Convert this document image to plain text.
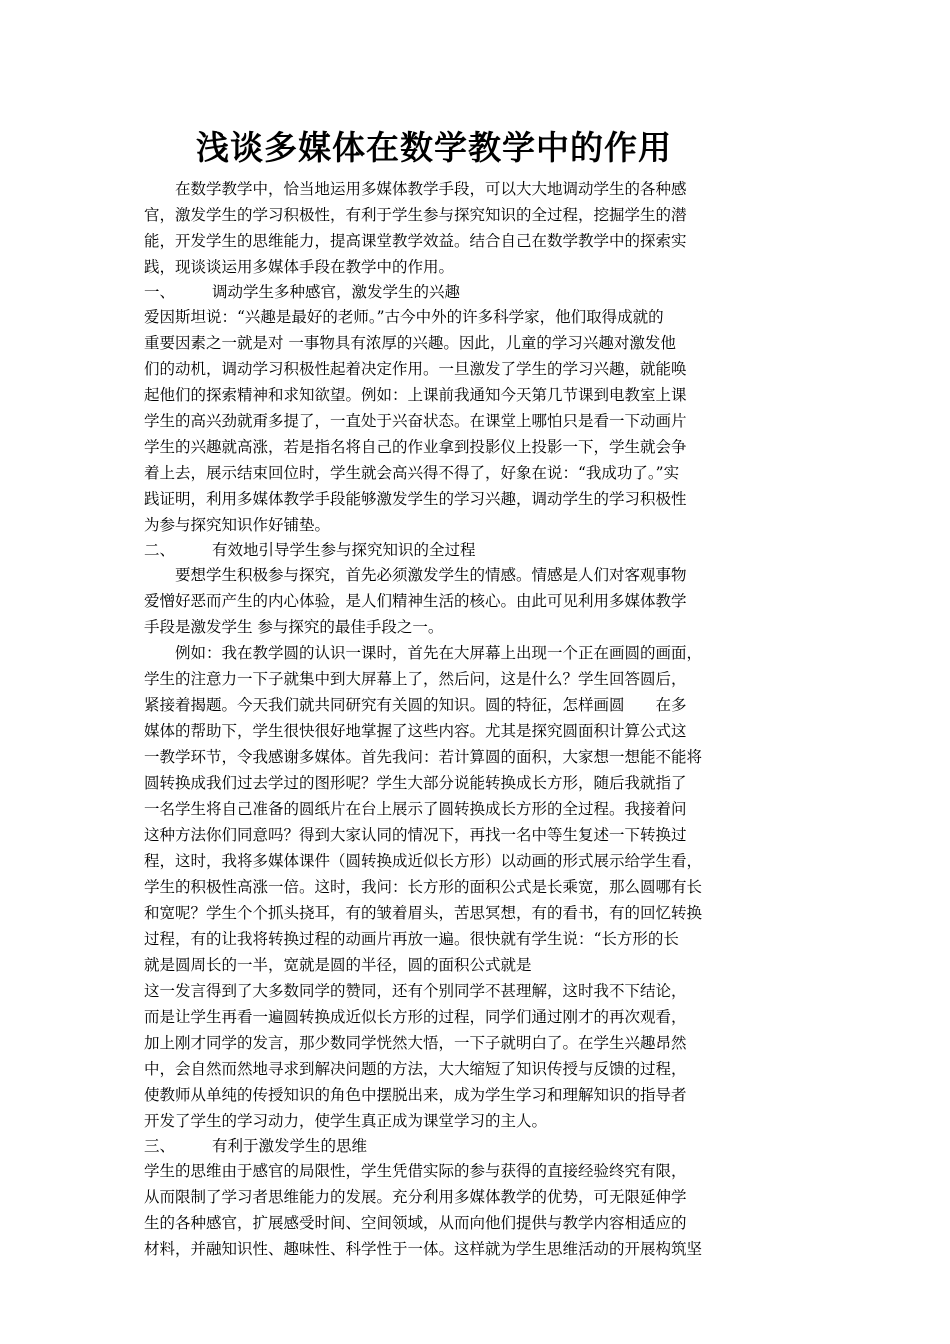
浅谈多媒体在数学教学中的作用
　　在数学教学中，恰当地运用多媒体教学手段，可以大大地调动学生的各种感
官，激发学生的学习积极性，有利于学生参与探究知识的全过程，挖掘学生的潜
能，开发学生的思维能力，提高课堂教学效益。结合自己在数学教学中的探索实
践，现谈谈运用多媒体手段在教学中的作用。
一、 调动学生多种感官，激发学生的兴趣
爱因斯坦说：“兴趣是最好的老师。”古今中外的许多科学家，他们取得成就的
重要因素之一就是对 一事物具有浓厚的兴趣。因此，儿童的学习兴趣对激发他
们的动机，调动学习积极性起着决定作用。一旦激发了学生的学习兴趣，就能唤
起他们的探索精神和求知欲望。例如：上课前我通知今天第几节课到电教室上课
学生的高兴劲就甭多提了，一直处于兴奋状态。在课堂上哪怕只是看一下动画片
学生的兴趣就高涨，若是指名将自己的作业拿到投影仪上投影一下，学生就会争
着上去，展示结束回位时，学生就会高兴得不得了，好象在说：“我成功了。”实
践证明，利用多媒体教学手段能够激发学生的学习兴趣，调动学生的学习积极性
为参与探究知识作好铺垫。
二、 有效地引导学生参与探究知识的全过程
　　要想学生积极参与探究，首先必须激发学生的情感。情感是人们对客观事物
爱憎好恶而产生的内心体验，是人们精神生活的核心。由此可见利用多媒体教学
手段是激发学生 参与探究的最佳手段之一。
　　例如：我在教学圆的认识一课时，首先在大屏幕上出现一个正在画圆的画面，
学生的注意力一下子就集中到大屏幕上了，然后问，这是什么？学生回答圆后，
紧接着揭题。今天我们就共同研究有关圆的知识。圆的特征，怎样画圆　　在多
媒体的帮助下，学生很快很好地掌握了这些内容。尤其是探究圆面积计算公式这
一教学环节，令我感谢多媒体。首先我问：若计算圆的面积，大家想一想能不能将
圆转换成我们过去学过的图形呢？学生大部分说能转换成长方形，随后我就指了
一名学生将自己准备的圆纸片在台上展示了圆转换成长方形的全过程。我接着问
这种方法你们同意吗？得到大家认同的情况下，再找一名中等生复述一下转换过
程，这时，我将多媒体课件（圆转换成近似长方形）以动画的形式展示给学生看，
学生的积极性高涨一倍。这时，我问：长方形的面积公式是长乘宽，那么圆哪有长
和宽呢？学生个个抓头挠耳，有的皱着眉头，苦思冥想，有的看书，有的回忆转换
过程，有的让我将转换过程的动画片再放一遍。很快就有学生说：“长方形的长
就是圆周长的一半，宽就是圆的半径，圆的面积公式就是
这一发言得到了大多数同学的赞同，还有个别同学不甚理解，这时我不下结论，
而是让学生再看一遍圆转换成近似长方形的过程，同学们通过刚才的再次观看，
加上刚才同学的发言，那少数同学恍然大悟，一下子就明白了。在学生兴趣昂然
中，会自然而然地寻求到解决问题的方法，大大缩短了知识传授与反馈的过程，
使教师从单纯的传授知识的角色中摆脱出来，成为学生学习和理解知识的指导者
开发了学生的学习动力，使学生真正成为课堂学习的主人。
三、 有利于激发学生的思维
学生的思维由于感官的局限性，学生凭借实际的参与获得的直接经验终究有限，
从而限制了学习者思维能力的发展。充分利用多媒体教学的优势，可无限延伸学
生的各种感官，扩展感受时间、空间领域，从而向他们提供与教学内容相适应的
材料，并融知识性、趣味性、科学性于一体。这样就为学生思维活动的开展构筑坚
